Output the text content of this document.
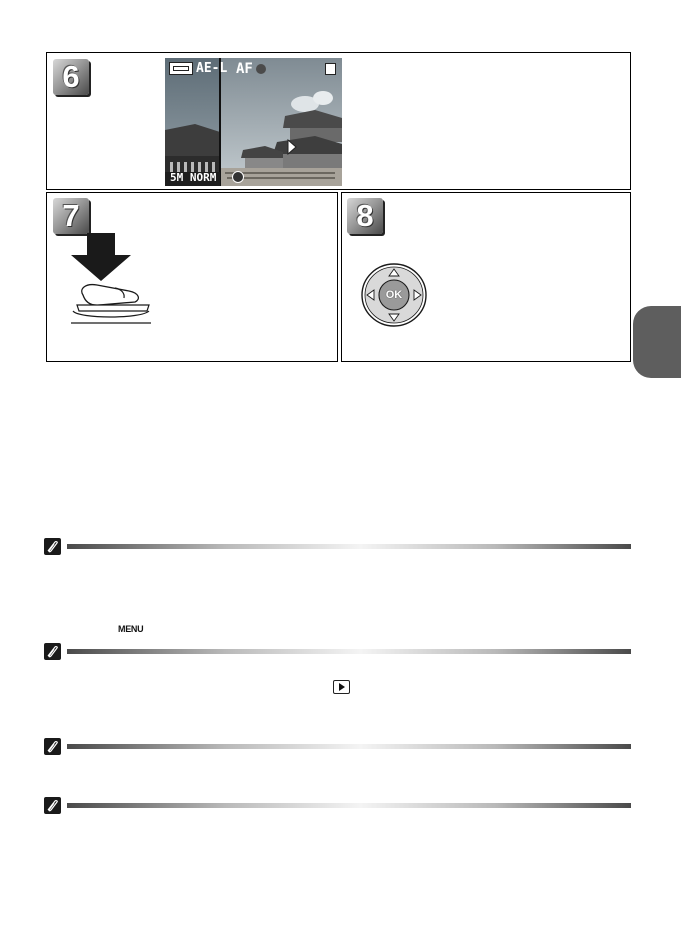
6	AE-L AF
5M NORM
7	8
OK
MENU
